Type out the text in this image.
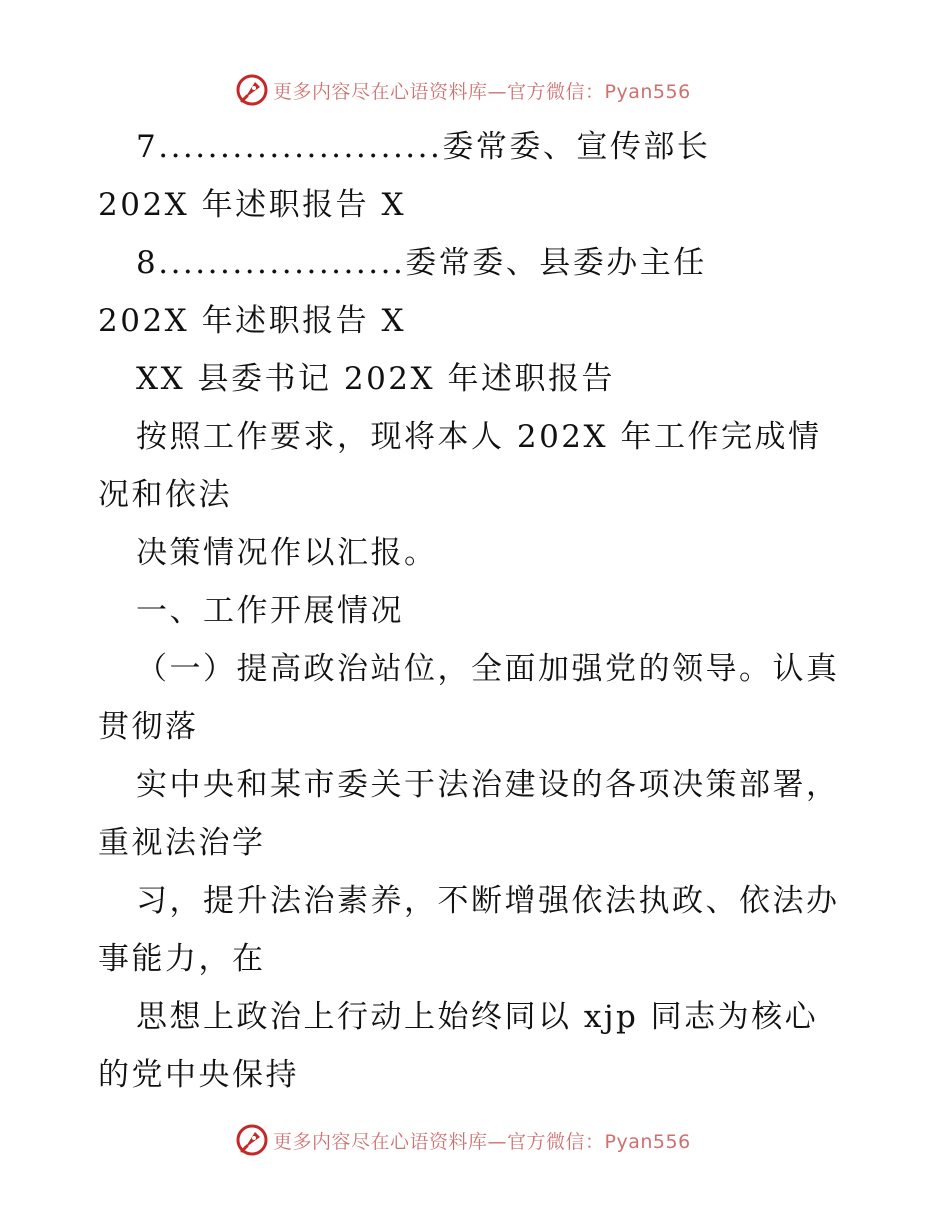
更多内容尽在心语资料库—官方微信：Pyan556
7.......................委常委、宣传部长
202X 年述职报告 X
8....................委常委、县委办主任
202X 年述职报告 X
XX 县委书记 202X 年述职报告
按照工作要求，现将本人 202X 年工作完成情
况和依法
决策情况作以汇报。
一、工作开展情况
（一）提高政治站位，全面加强党的领导。认真
贯彻落
实中央和某市委关于法治建设的各项决策部署，
重视法治学
习，提升法治素养，不断增强依法执政、依法办
事能力，在
思想上政治上行动上始终同以 xjp 同志为核心
的党中央保持
更多内容尽在心语资料库—官方微信：Pyan556
